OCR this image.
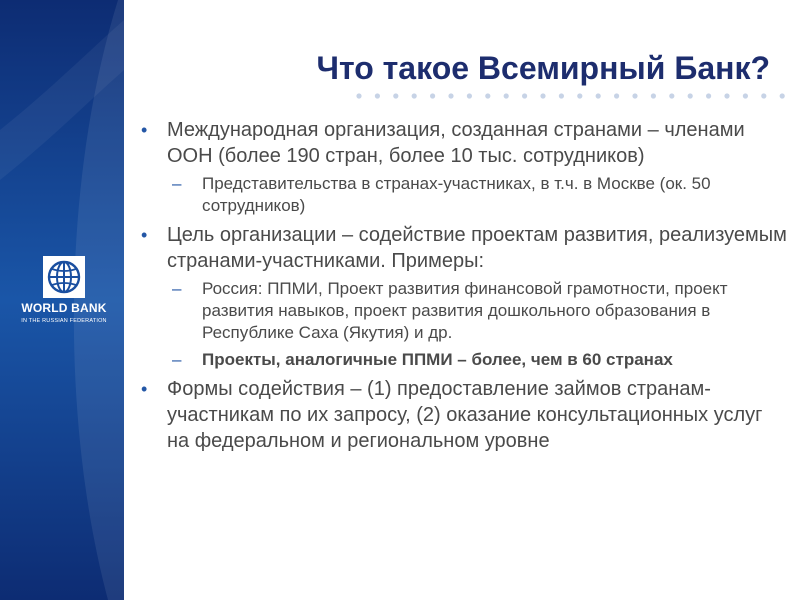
WORLD BANK
IN THE RUSSIAN FEDERATION
Что такое Всемирный Банк?
• Международная организация, созданная странами – членами ООН (более 190 стран, более 10 тыс. сотрудников)
– Представительства в странах-участниках, в т.ч. в Москве (ок. 50 сотрудников)
• Цель организации – содействие проектам развития, реализуемым странами-участниками. Примеры:
– Россия: ППМИ, Проект развития финансовой грамотности, проект развития навыков, проект развития дошкольного образования в Республике Саха (Якутия) и др.
– Проекты, аналогичные ППМИ – более, чем в 60 странах
• Формы содействия – (1) предоставление займов странам-участникам по их запросу, (2) оказание консультационных услуг на федеральном и региональном уровне
